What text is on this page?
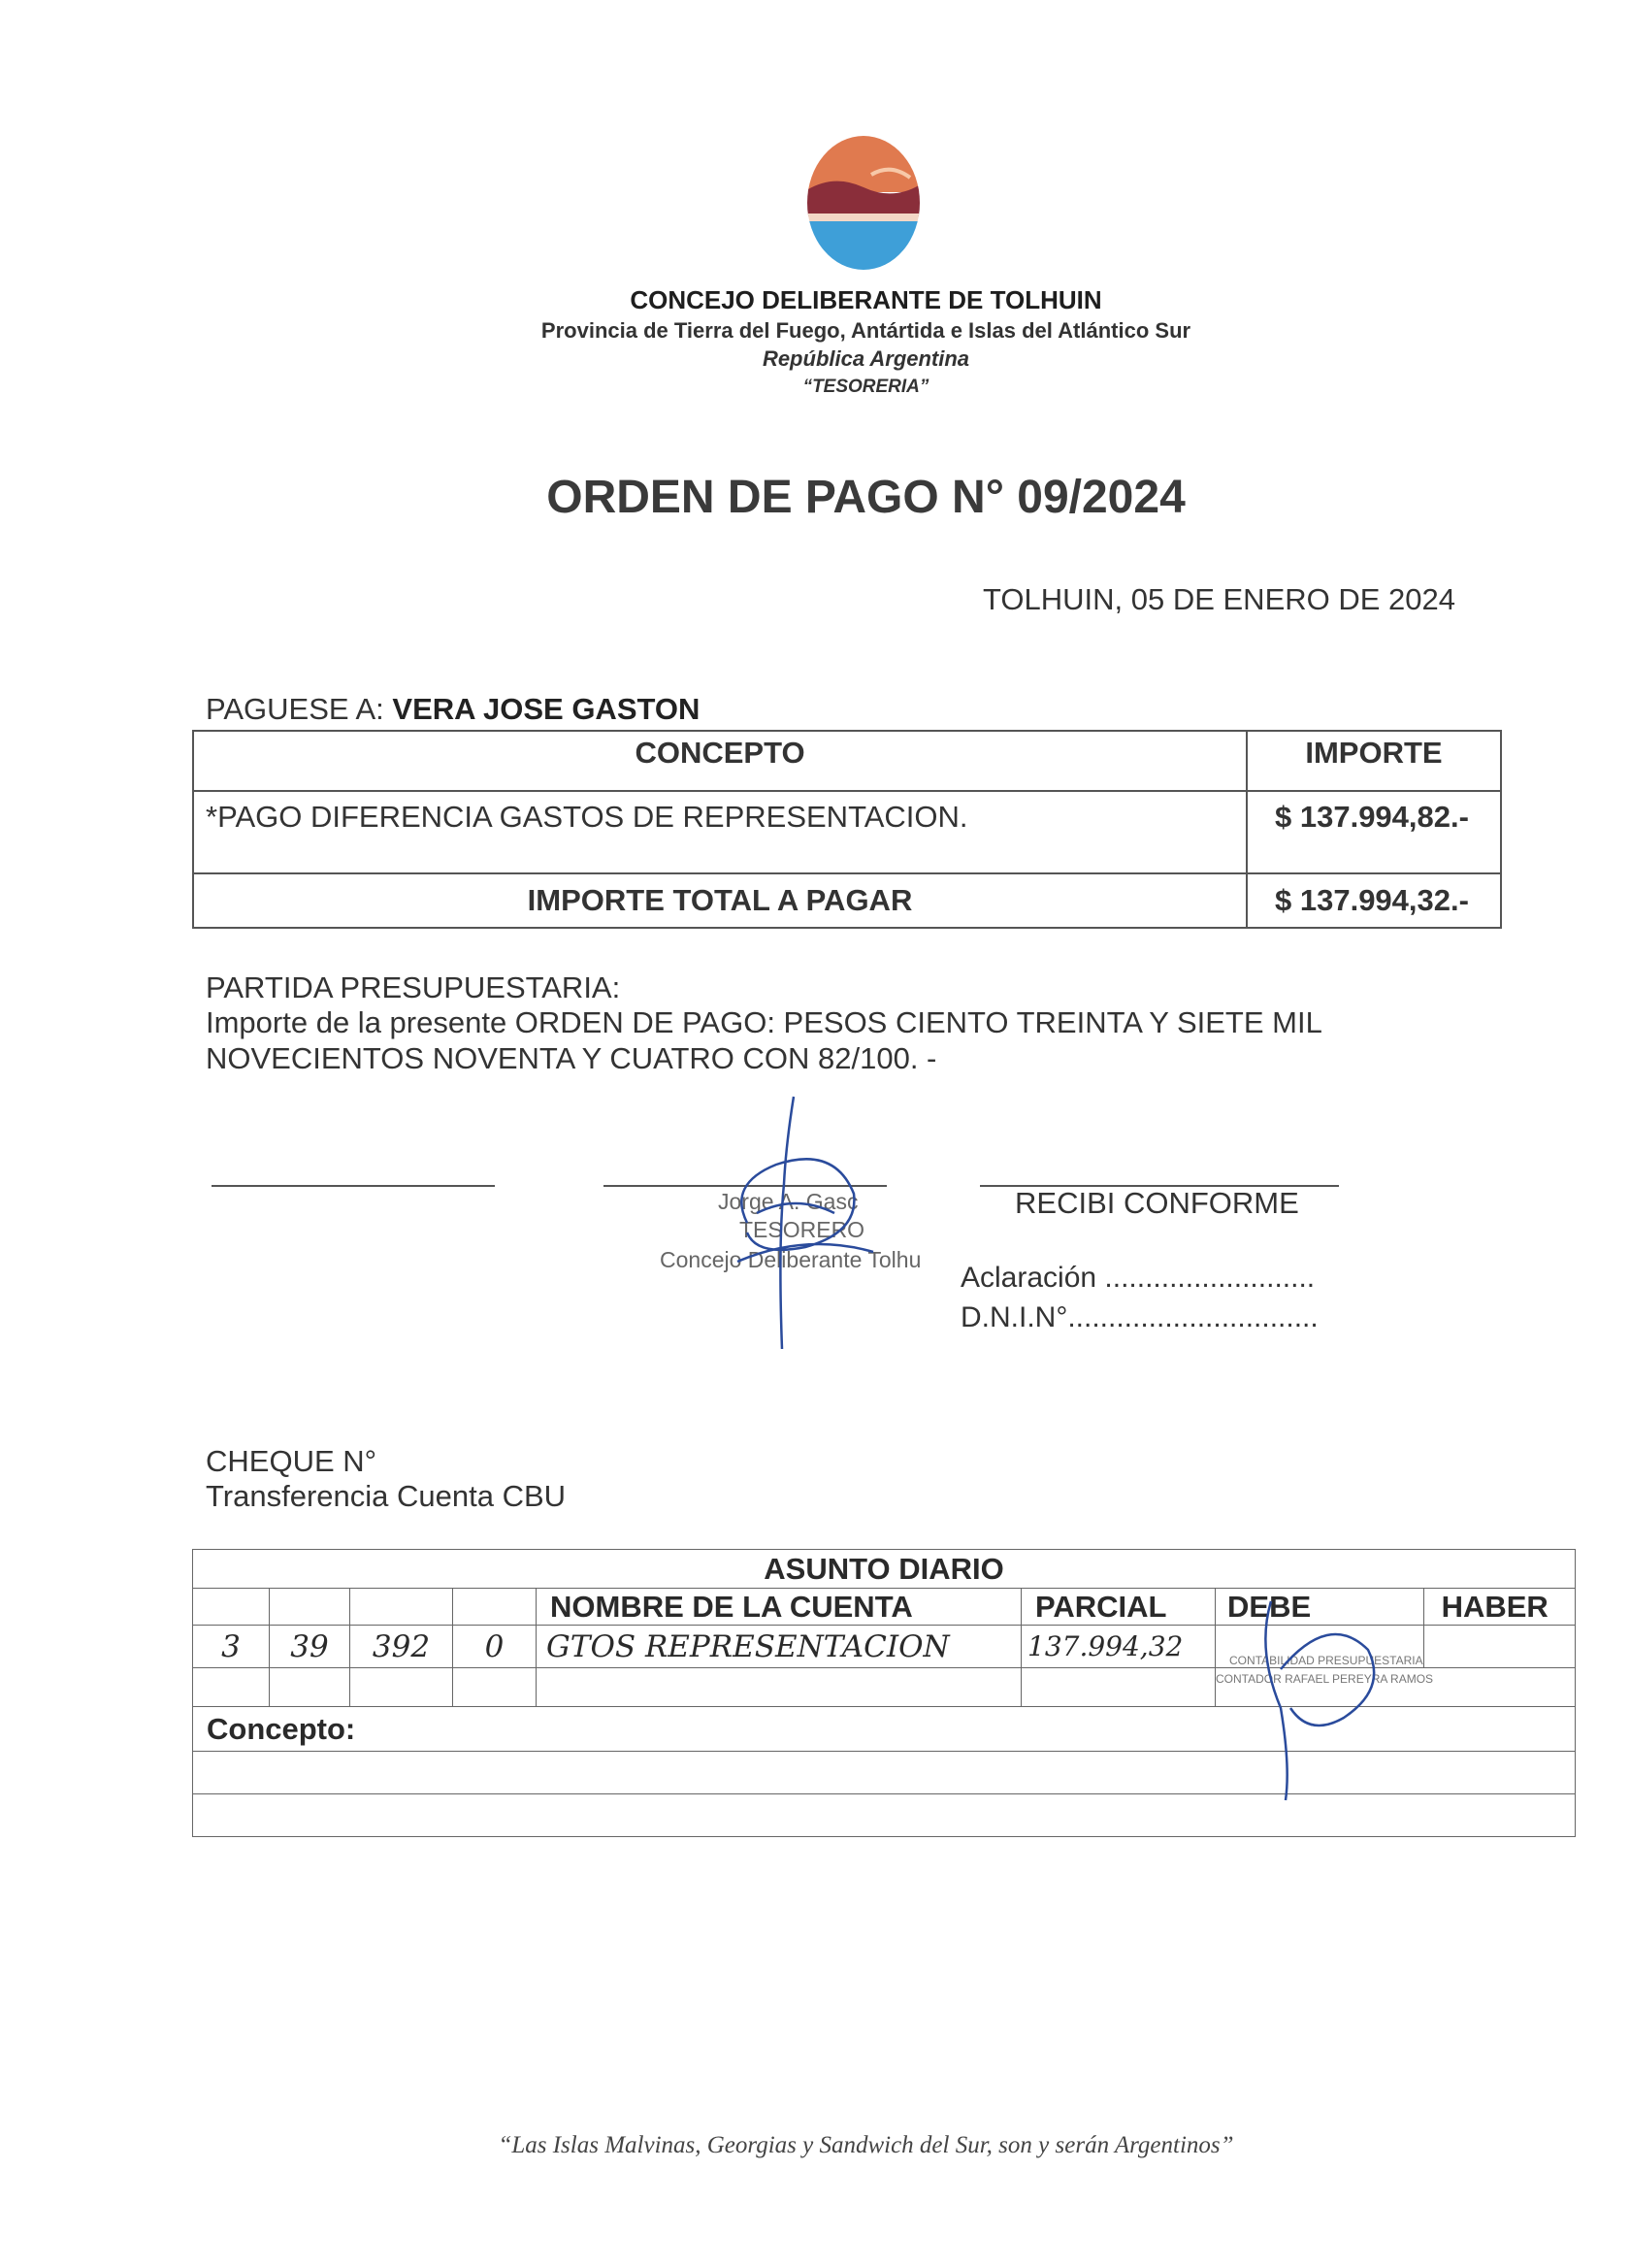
CONCEJO DELIBERANTE DE TOLHUIN
Provincia de Tierra del Fuego, Antártida e Islas del Atlántico Sur
República Argentina
“TESORERIA”
ORDEN DE PAGO N° 09/2024
TOLHUIN, 05 DE ENERO DE 2024
PAGUESE A: VERA JOSE GASTON
CONCEPTO	IMPORTE
*PAGO DIFERENCIA GASTOS DE REPRESENTACION.	$ 137.994,82.-
IMPORTE TOTAL A PAGAR	$ 137.994,32.-
PARTIDA PRESUPUESTARIA:
Importe de la presente ORDEN DE PAGO: PESOS CIENTO TREINTA Y SIETE MIL
NOVECIENTOS NOVENTA Y CUATRO CON 82/100. -
Jorge A. Gasc
TESORERO
Concejo Deliberante Tolhu
RECIBI CONFORME
Aclaración ..........................
D.N.I.N°...............................
CHEQUE N°
Transferencia Cuenta CBU
ASUNTO DIARIO							
				NOMBRE DE LA CUENTA	PARCIAL	DEBE	HABER
3	39	392	0	GTOS REPRESENTACION	137.994,32	CONTABILIDAD PRESUPUESTARIA	
						CONTADOR RAFAEL PEREYRA RAMOS	
Concepto:							

“Las Islas Malvinas, Georgias y Sandwich del Sur, son y serán Argentinos”
